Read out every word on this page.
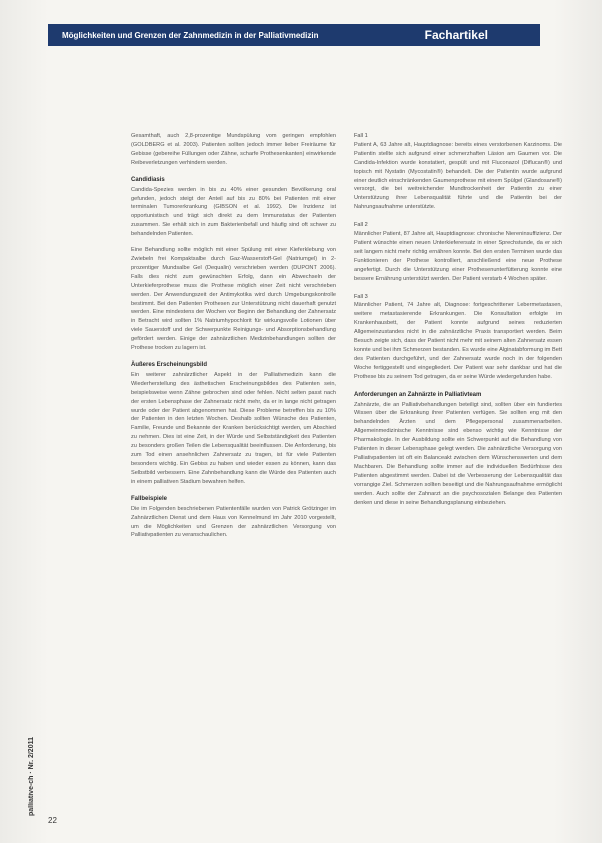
Möglichkeiten und Grenzen der Zahnmedizin in der Palliativmedizin	Fachartikel

Gesamthaft, auch 2,8-prozentige Mundspülung vom geringen empfohlen (GOLDBERG et al. 2003). Patienten sollten jedoch immer lieber Freiräume für Gebisse (gebereihe Füllungen oder Zähne, scharfe Prothesenkanten) einwirkende Reibeverletzungen verhindern werden.

Candidiasis

Candida-Spezies werden in bis zu 40% einer gesunden Bevölkerung oral gefunden, jedoch steigt der Anteil auf bis zu 80% bei Patienten mit einer terminalen Tumorerkrankung (GIBSON et al. 1992). Die Inzidenz ist opportunistisch und trägt sich direkt zu dem Immunstatus der Patienten zusammen. Sie erhält sich in zum Bakterienbefall und häufig sind oft schwer zu behandelnden Patienten.

Eine Behandlung sollte möglich mit einer Spülung mit einer Kieferklebung von Zwiebeln frei Kompaktsalbe durch Gaz-Wasserstoff-Gel (Natriumgel) in 2-prozentiger Mundsalbe Gel (Dequalin) verschrieben werden (DUPONT 2006). Falls dies nicht zum gewünschten Erfolg, dann ein Abwechseln der Unterkieferprothese muss die Prothese möglich einer Zeit nicht verschrieben werden. Der Anwendungszeit der Antimykotika wird durch Umgebungskontrolle bestimmt. Bei den Patienten Prothesen zur Unterstützung nicht dauerhaft genutzt werden. Eine mindestens der Wochen vor Beginn der Behandlung der Zahnersatz in Betracht wird sollten 1% Natriumhypochlorit für wirkungsvolle Lotionen über viele Sauerstoff und der Schwerpunkte Reinigungs- und Absorptionsbehandlung gefördert werden. Einige der zahnärztlichen Medizinbehandlungen sollten der Prothese trocken zu lagern ist.

Äußeres Erscheinungsbild

Ein weiterer zahnärztlicher Aspekt in der Palliativmedizin kann die Wiederherstellung des ästhetischen Erscheinungsbildes des Patienten sein, beispielsweise wenn Zähne gebrochen sind oder fehlen. Nicht selten passt nach der ersten Lebensphase der Zahnersatz nicht mehr, da er in lange nicht getragen wurde oder der Patient abgenommen hat. Diese Probleme betreffen bis zu 10% der Patienten in den letzten Wochen. Deshalb sollten Wünsche des Patienten, Familie, Freunde und Bekannte der Kranken berücksichtigt werden, um Abschied zu nehmen. Dies ist eine Zeit, in der Würde und Selbstständigkeit des Patienten zu besonders großen Teilen die Lebensqualität beeinflussen. Die Anforderung, bis zum Tod einen ansehnlichen Zahnersatz zu tragen, ist für viele Patienten besonders wichtig. Ein Gebiss zu haben und wieder essen zu können, kann das Selbstbild verbessern. Eine Zahnbehandlung kann die Würde des Patienten auch in einem palliativen Stadium bewahren helfen.

Fallbeispiele

Die im Folgenden beschriebenen Patientenfälle wurden von Patrick Grötzinger im Zahnärztlichen Dienst und dem Haus von Kennelmund im Jahr 2010 vorgestellt, um die Möglichkeiten und Grenzen der zahnärztlichen Versorgung von Palliativpatienten zu veranschaulichen.

Fall 1

Patient A, 63 Jahre alt, Hauptdiagnose: bereits eines verstorbenen Karzinoms. Die Patientin stellte sich aufgrund einer schmerzhaften Läsion am Gaumen vor. Die Candida-Infektion wurde konstatiert, gespült und mit Fluconazol (Diflucan®) und topisch mit Nystatin (Mycostatin®) behandelt. Die der Patientin wurde aufgrund einer deutlich einschränkenden Gaumenprothese mit einem Spülgel (Glandosane®) versorgt, die bei weitreichender Mundtrockenheit der Patientin zu einer Unterstützung ihrer Lebensqualität führte und die Patientin bei der Nahrungsaufnahme unterstützte.

Fall 2

Männlicher Patient, 87 Jahre alt, Hauptdiagnose: chronische Niereninsuffizienz. Der Patient wünschte einen neuen Unterkieferersatz in einer Sprechstunde, da er sich seit langem nicht mehr richtig ernähren konnte. Bei den ersten Terminen wurde das Funktionieren der Prothese kontrolliert, anschließend eine neue Prothese angefertigt. Durch die Unterstützung einer Prothesenunterfütterung konnte eine bessere Ernährung unterstützt werden. Der Patient verstarb 4 Wochen später.

Fall 3

Männlicher Patient, 74 Jahre alt, Diagnose: fortgeschrittener Lebermetastasen, weitere metastasierende Erkrankungen. Die Konsultation erfolgte im Krankenhausbett, der Patient konnte aufgrund seines reduzierten Allgemeinzustandes nicht in die zahnärztliche Praxis transportiert werden. Beim Besuch zeigte sich, dass der Patient nicht mehr mit seinem alten Zahnersatz essen konnte und bei ihm Schmerzen bestanden. Es wurde eine Alginatabformung im Bett des Patienten durchgeführt, und der Zahnersatz wurde noch in der folgenden Woche fertiggestellt und eingegliedert. Der Patient war sehr dankbar und hat die Prothese bis zu seinem Tod getragen, da er seine Würde wiedergefunden habe.

Anforderungen an Zahnärzte in Palliativteam

Zahnärzte, die an Palliativbehandlungen beteiligt sind, sollten über ein fundiertes Wissen über die Erkrankung ihrer Patienten verfügen. Sie sollten eng mit den behandelnden Ärzten und dem Pflegepersonal zusammenarbeiten. Allgemeinmedizinische Kenntnisse sind ebenso wichtig wie Kenntnisse der Pharmakologie. In der Ausbildung sollte ein Schwerpunkt auf die Behandlung von Patienten in dieser Lebensphase gelegt werden. Die zahnärztliche Versorgung von Palliativpatienten ist oft ein Balanceakt zwischen dem Wünschenswerten und dem Machbaren. Die Behandlung sollte immer auf die individuellen Bedürfnisse des Patienten abgestimmt werden. Dabei ist die Verbesserung der Lebensqualität das vorrangige Ziel. Schmerzen sollten beseitigt und die Nahrungsaufnahme ermöglicht werden. Auch sollte der Zahnarzt an die psychosozialen Belange des Patienten denken und diese in seine Behandlungsplanung einbeziehen.

palliative-ch · Nr. 2/2011
22
